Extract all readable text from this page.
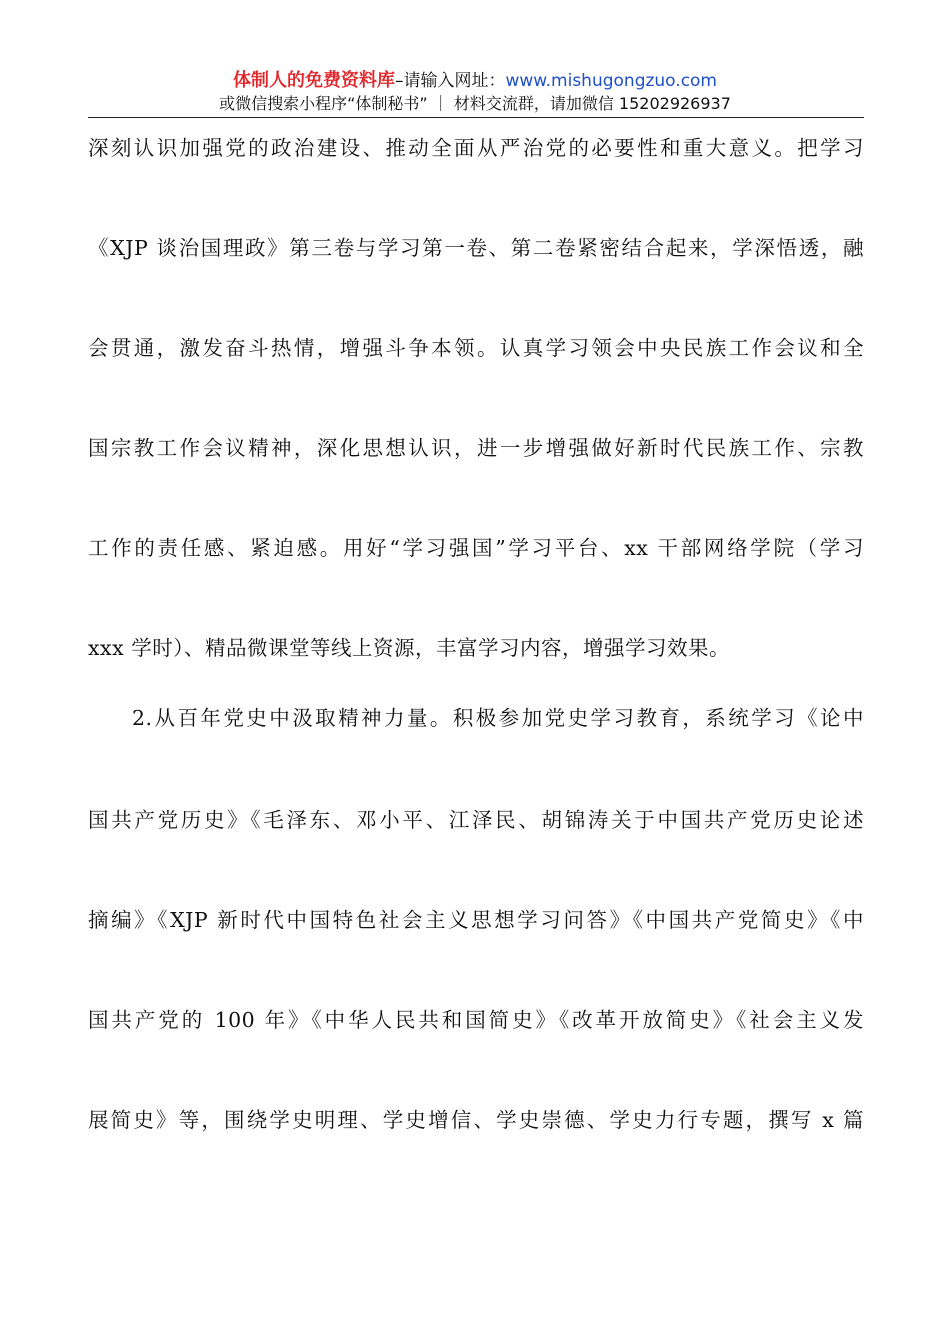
体制人的免费资料库–请输入网址：www.mishugongzuo.com
或微信搜索小程序“体制秘书” ｜ 材料交流群，请加微信 15202926937
深刻认识加强党的政治建设、推动全面从严治党的必要性和重大意义。把学习
《XJP 谈治国理政》第三卷与学习第一卷、第二卷紧密结合起来，学深悟透，融
会贯通，激发奋斗热情，增强斗争本领。认真学习领会中央民族工作会议和全
国宗教工作会议精神，深化思想认识，进一步增强做好新时代民族工作、宗教
工作的责任感、紧迫感。用好“学习强国”学习平台、xx 干部网络学院（学习
xxx 学时）、精品微课堂等线上资源，丰富学习内容，增强学习效果。
2.从百年党史中汲取精神力量。积极参加党史学习教育，系统学习《论中
国共产党历史》《毛泽东、邓小平、江泽民、胡锦涛关于中国共产党历史论述
摘编》《XJP 新时代中国特色社会主义思想学习问答》《中国共产党简史》《中
国共产党的 100 年》《中华人民共和国简史》《改革开放简史》《社会主义发
展简史》等，围绕学史明理、学史增信、学史崇德、学史力行专题，撰写 x 篇
